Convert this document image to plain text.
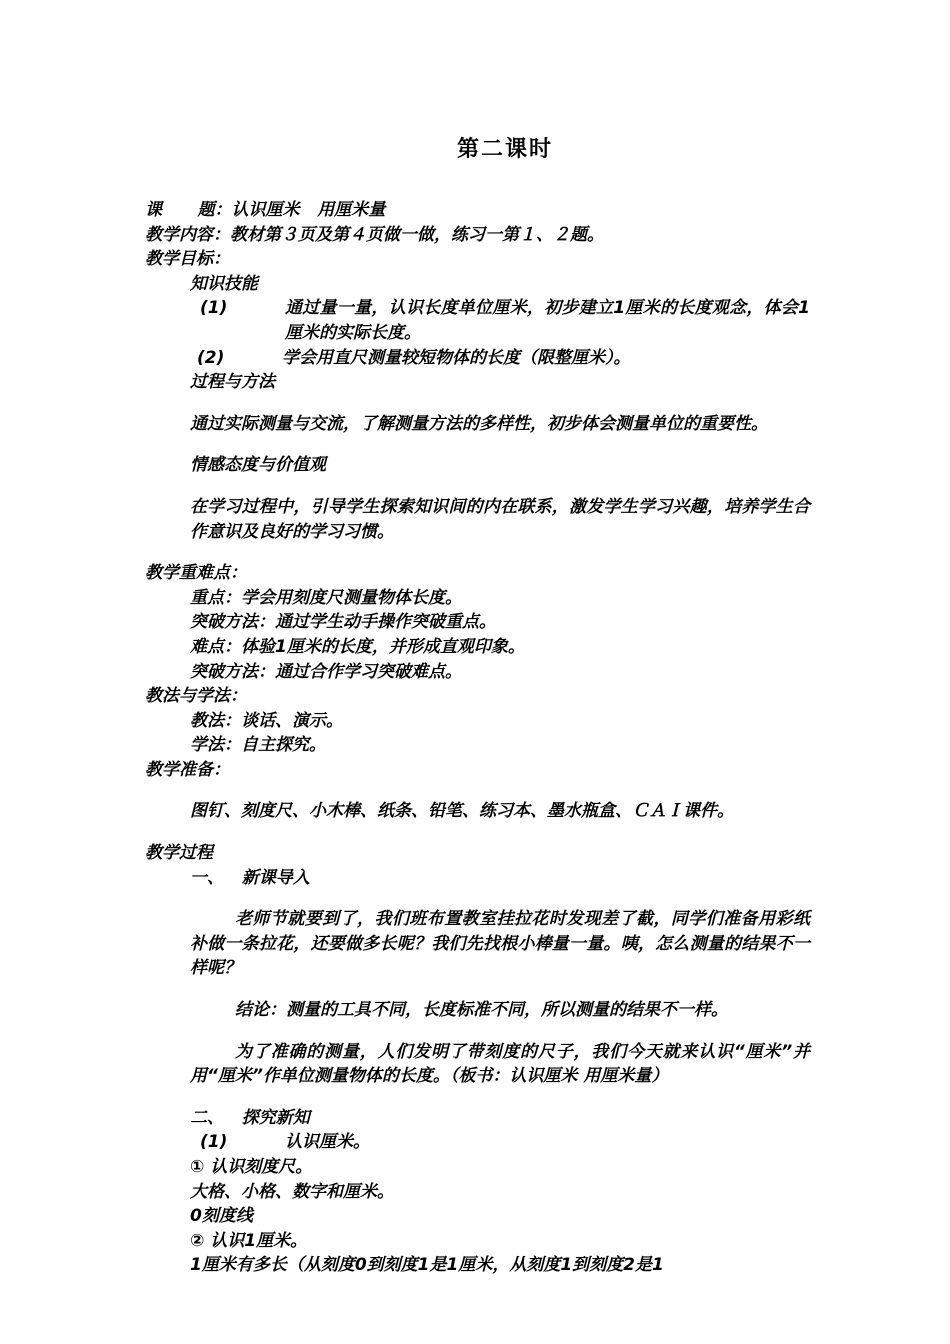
第二课时

课      题：认识厘米   用厘米量

教学内容：教材第３页及第４页做一做，练习一第１、２题。

教学目标：

知识技能

(1)	通过量一量，认识长度单位厘米，初步建立1厘米的长度观念，体会1厘米的实际长度。
(2)	学会用直尺测量较短物体的长度（限整厘米）。

过程与方法

通过实际测量与交流，了解测量方法的多样性，初步体会测量单位的重要性。

情感态度与价值观

在学习过程中，引导学生探索知识间的内在联系，激发学生学习兴趣，培养学生合作意识及良好的学习习惯。

教学重难点：

重点：学会用刻度尺测量物体长度。

突破方法：通过学生动手操作突破重点。

难点：体验1厘米的长度，并形成直观印象。

突破方法：通过合作学习突破难点。

教法与学法：

教法：谈话、演示。

学法：自主探究。

教学准备：

图钉、刻度尺、小木棒、纸条、铅笔、练习本、墨水瓶盒、ＣＡＩ课件。

教学过程

一、   新课导入

老师节就要到了，我们班布置教室挂拉花时发现差了截，同学们准备用彩纸补做一条拉花，还要做多长呢？我们先找根小棒量一量。咦，怎么测量的结果不一样呢？

结论：测量的工具不同，长度标准不同，所以测量的结果不一样。

为了准确的测量，人们发明了带刻度的尺子，我们今天就来认识“厘米”并用“厘米”作单位测量物体的长度。（板书：认识厘米 用厘米量）

二、   探究新知

(1)	认识厘米。

① 认识刻度尺。

大格、小格、数字和厘米。

0刻度线

② 认识1厘米。

1厘米有多长（从刻度0到刻度1是1厘米，从刻度1到刻度2是1
